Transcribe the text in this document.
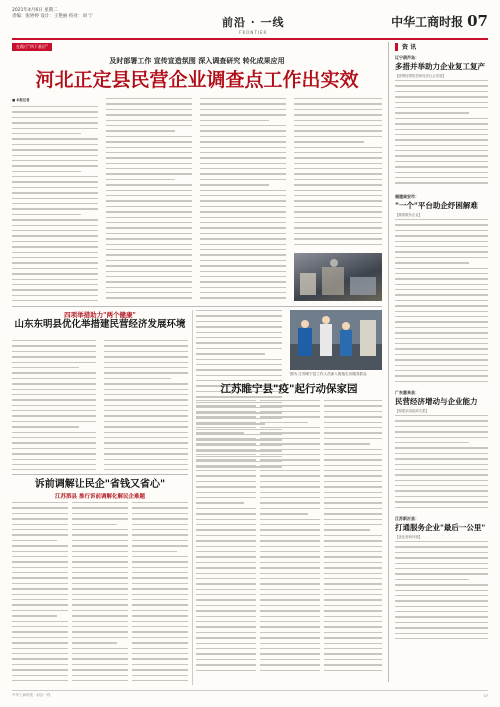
2021年4月6日 星期二
责编：张婷婷 设计：王艳丽 校对：刘 宁	前沿 · 一线
FRONTIER
中华工商时报 07
在践行"四下基层"
及时部署工作 宣传宣造氛围 深入调查研究 转化成果应用
河北正定县民营企业调查点工作出实效
■ 本报记者
四项举措助力"两个健康"
山东东明县优化举措建民营经济发展环境
图为 江苏睢宁县工作人员深入街巷走访服务群众
江苏睢宁县"疫"起行动保家园
诉前调解让民企"省钱又省心"
江苏泗县 推行诉前调解化解民企难题
资 讯
辽宁葫芦岛：
多措并举助力企业复工复产
【统筹疫情防控和经济社会发展】
福建南安市：
"一个"平台助企纾困解难
【精准服务企业】
广东惠来县：
民营经济增动与企业能力
【构建亲清政商关系】
江苏新沂县：
打通服务企业"最后一公里"
【优化营商环境】
中华工商时报 · 前沿一线	07
